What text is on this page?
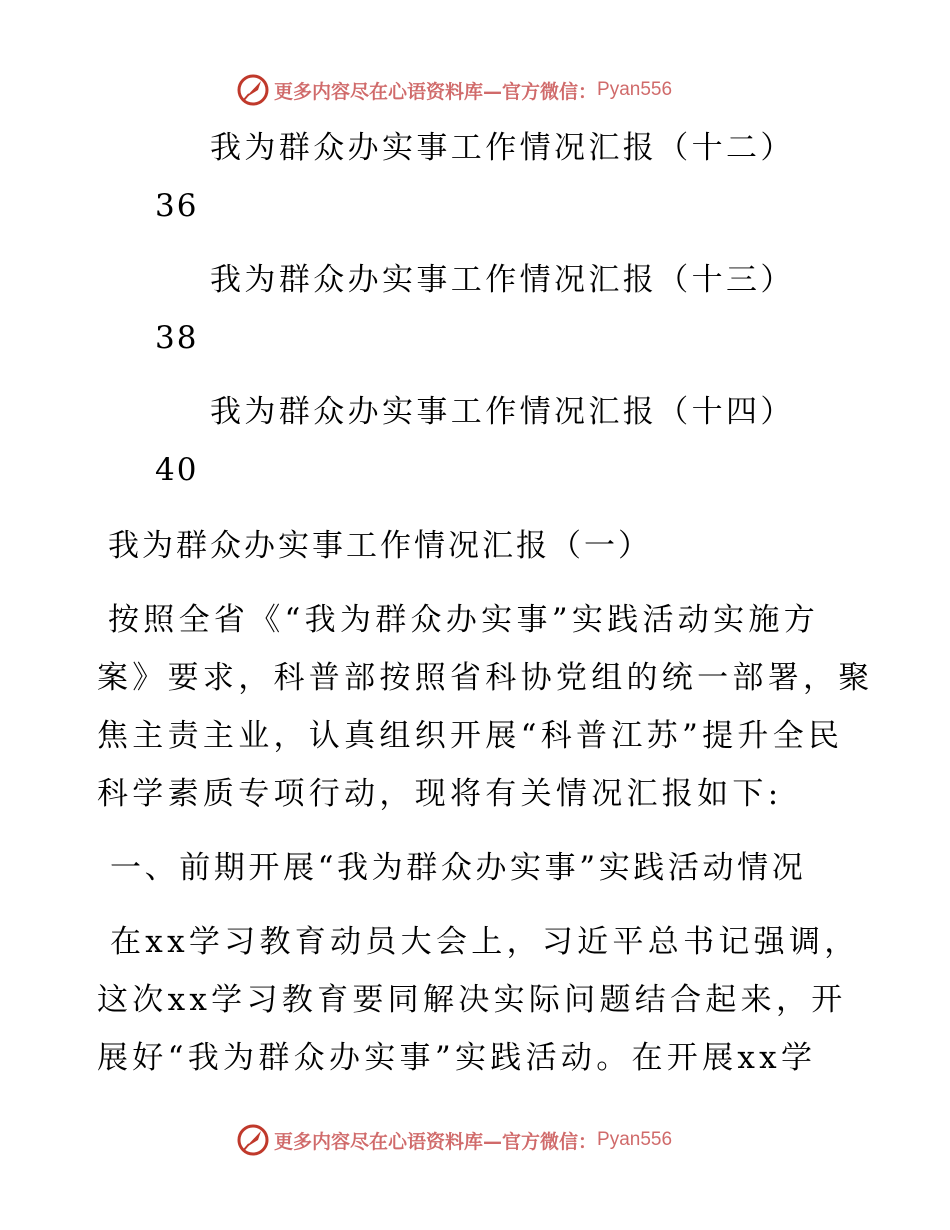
更多内容尽在心语资料库—官方微信： Pyan556
我为群众办实事工作情况汇报（十二）
36
我为群众办实事工作情况汇报（十三）
38
我为群众办实事工作情况汇报（十四）
40
我为群众办实事工作情况汇报（一）
按照全省《“我为群众办实事”实践活动实施方
案》要求，科普部按照省科协党组的统一部署，聚
焦主责主业，认真组织开展“科普江苏”提升全民
科学素质专项行动，现将有关情况汇报如下:
一、前期开展“我为群众办实事”实践活动情况
在xx学习教育动员大会上，习近平总书记强调，
这次xx学习教育要同解决实际问题结合起来，开
展好“我为群众办实事”实践活动。在开展xx学
更多内容尽在心语资料库—官方微信： Pyan556
